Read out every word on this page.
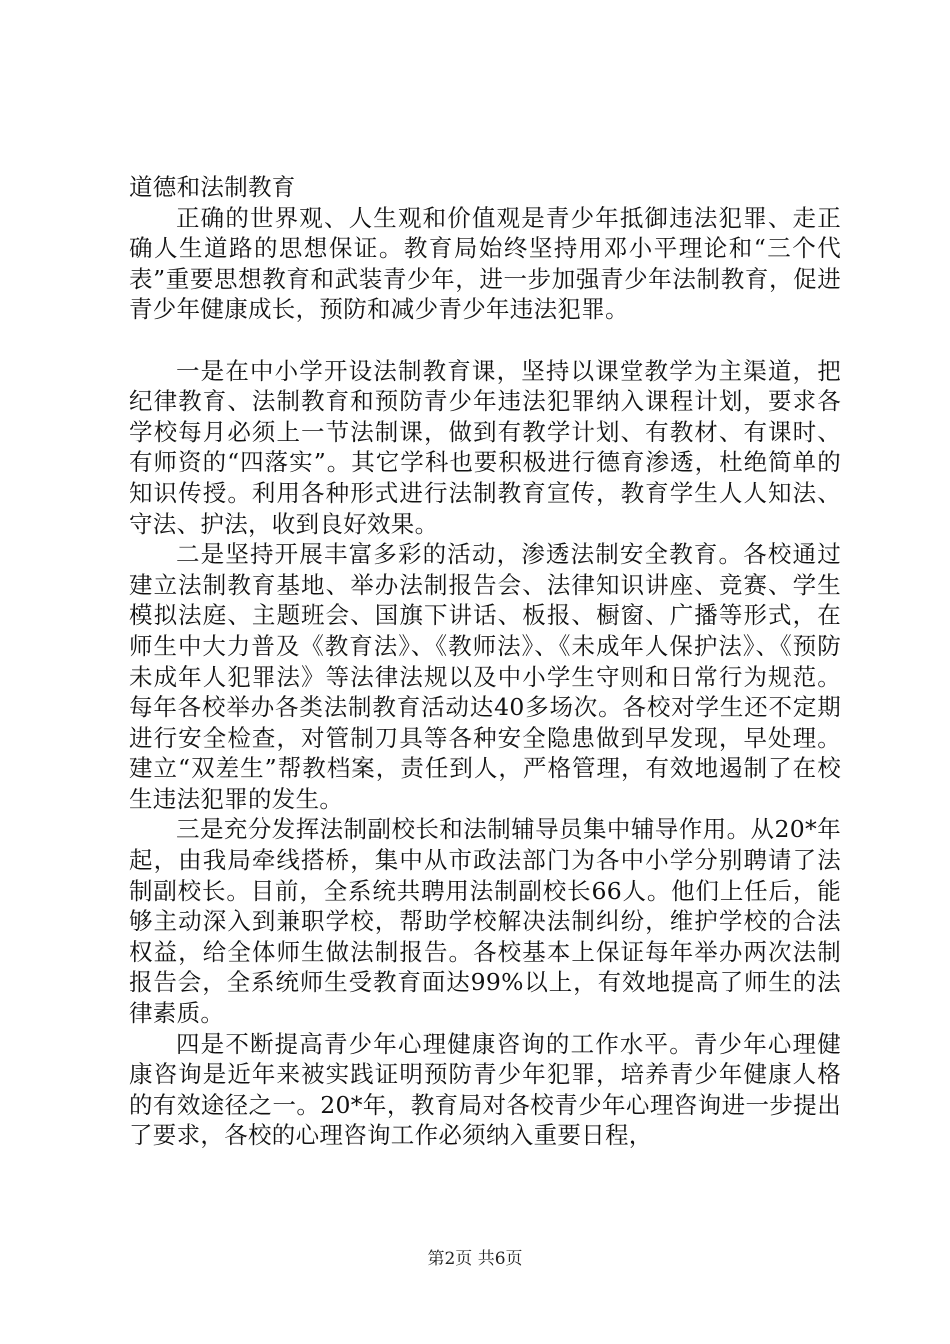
道德和法制教育

正确的世界观、人生观和价值观是青少年抵御违法犯罪、走正确人生道路的思想保证。教育局始终坚持用邓小平理论和“三个代表”重要思想教育和武装青少年，进一步加强青少年法制教育，促进青少年健康成长，预防和减少青少年违法犯罪。

一是在中小学开设法制教育课，坚持以课堂教学为主渠道，把纪律教育、法制教育和预防青少年违法犯罪纳入课程计划，要求各学校每月必须上一节法制课，做到有教学计划、有教材、有课时、有师资的“四落实”。其它学科也要积极进行德育渗透，杜绝简单的知识传授。利用各种形式进行法制教育宣传，教育学生人人知法、守法、护法，收到良好效果。

二是坚持开展丰富多彩的活动，渗透法制安全教育。各校通过建立法制教育基地、举办法制报告会、法律知识讲座、竞赛、学生模拟法庭、主题班会、国旗下讲话、板报、橱窗、广播等形式，在师生中大力普及《教育法》、《教师法》、《未成年人保护法》、《预防未成年人犯罪法》等法律法规以及中小学生守则和日常行为规范。每年各校举办各类法制教育活动达40多场次。各校对学生还不定期进行安全检查，对管制刀具等各种安全隐患做到早发现，早处理。建立“双差生”帮教档案，责任到人，严格管理，有效地遏制了在校生违法犯罪的发生。

三是充分发挥法制副校长和法制辅导员集中辅导作用。从20*年起，由我局牵线搭桥，集中从市政法部门为各中小学分别聘请了法制副校长。目前，全系统共聘用法制副校长66人。他们上任后，能够主动深入到兼职学校，帮助学校解决法制纠纷，维护学校的合法权益，给全体师生做法制报告。各校基本上保证每年举办两次法制报告会，全系统师生受教育面达99%以上，有效地提高了师生的法律素质。

四是不断提高青少年心理健康咨询的工作水平。青少年心理健康咨询是近年来被实践证明预防青少年犯罪，培养青少年健康人格的有效途径之一。20*年，教育局对各校青少年心理咨询进一步提出了要求，各校的心理咨询工作必须纳入重要日程，

第2页 共6页
